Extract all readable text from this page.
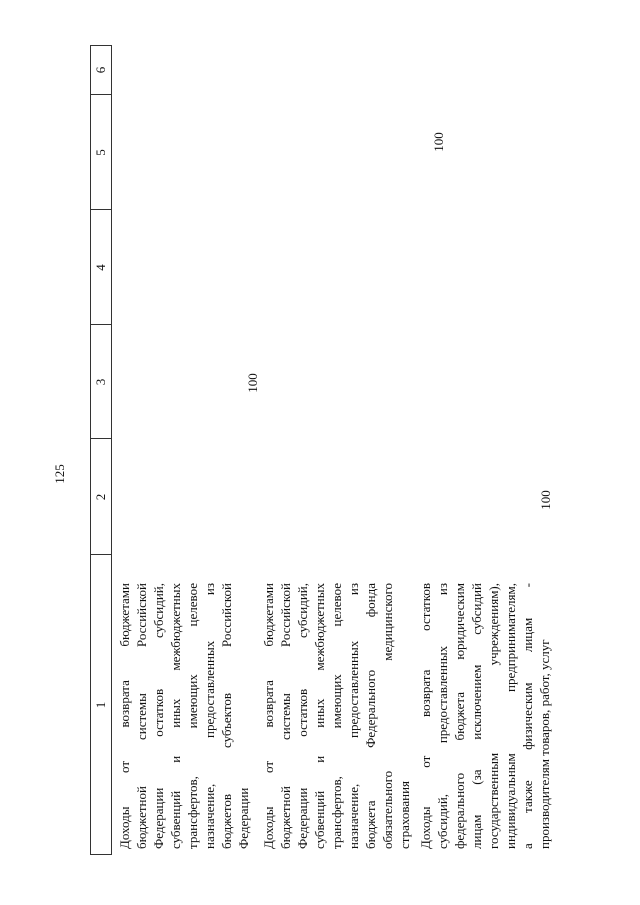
125
1
2
3
4
5
6
Доходы от возврата бюджетами бюджетной системы Российской Федерации остатков субсидий, субвенций и иных межбюджетных трансфертов, имеющих целевое назначение, предоставленных из бюджетов субъектов Российской Федерации
100
Доходы от возврата бюджетами бюджетной системы Российской Федерации остатков субсидий, субвенций и иных межбюджетных трансфертов, имеющих целевое назначение, предоставленных из бюджета Федерального фонда обязательного медицинского страхования
100
Доходы от возврата остатков субсидий, предоставленных из федерального бюджета юридическим лицам (за исключением субсидий государственным учреждениям), индивидуальным предпринимателям, а также физическим лицам - производителям товаров, работ, услуг
100
